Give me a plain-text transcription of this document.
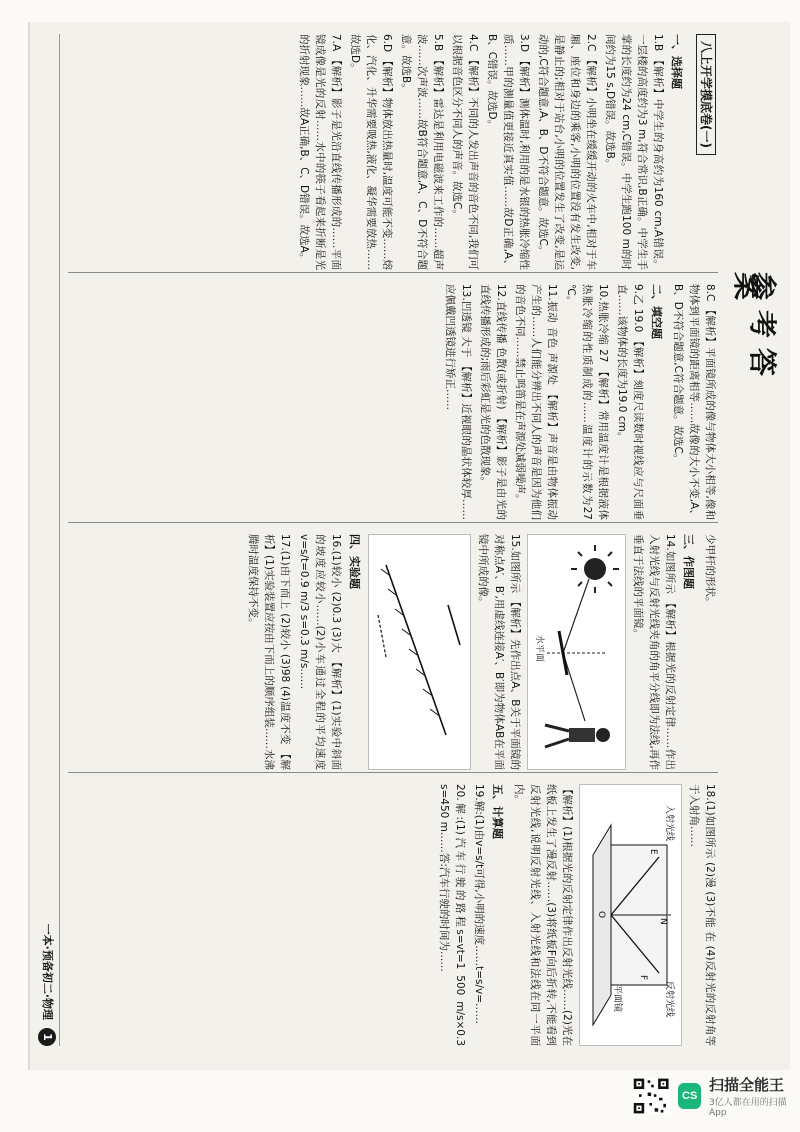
参考答案
八上开学摸底卷(一)
一、选择题

1.B 【解析】中学生的身高约为160 cm,A错误。一层楼的高度约为3 m,符合常识,B正确。中学生手掌的长度约为24 cm,C错误。中学生跑100 m的时间约为15 s,D错误。故选B。

2.C 【解析】小明坐在缓缓开动的火车中,相对于车厢、座位和身边的乘客,小明的位置没有发生改变,是静止的;相对于站台,小明的位置发生了改变,是运动的,C符合题意,A、B、D不符合题意。故选C。

3.D 【解析】测体温时,利用的是水银的热胀冷缩性质……甲的测量值更接近真实值……故D正确,A、B、C错误。故选D。

4.C 【解析】不同的人发出声音的音色不同,我们可以根据音色区分不同人的声音。故选C。

5.B 【解析】雷达是利用电磁波来工作的……超声波……次声波……故B符合题意,A、C、D不符合题意。故选B。

6.D 【解析】物体放出热量时,温度可能不变……熔化、汽化、升华需要吸热,液化、凝华需要放热……故选D。

7.A 【解析】影子是光沿直线传播形成的……平面镜成像是光的反射……水中的筷子看起来折断是光的折射现象……故A正确,B、C、D错误。故选A。

8.C 【解析】平面镜所成的像与物体大小相等,像和物体到平面镜的距离相等……故像的大小不变,A、B、D不符合题意,C符合题意。故选C。

二、填空题

9.乙 19.0 【解析】刻度尺读数时视线应与尺面垂直……该物体的长度为19.0 cm。

10.热胀冷缩 27 【解析】常用温度计是根据液体热胀冷缩的性质制成的……温度计的示数为27 ℃。

11.振动 音色 声源处 【解析】声音是由物体振动产生的……人们能分辨出不同人的声音是因为他们的音色不同……禁止鸣笛是在声源处减弱噪声。

12.直线传播 色散(或折射) 【解析】影子是由光的直线传播形成的;雨后彩虹是光的色散现象。

13.凹透镜 大于 【解析】近视眼的晶状体较厚……应佩戴凹透镜进行矫正……

少甲杆的形状。

三、作图题

14.如图所示 【解析】根据光的反射定律……作出入射光线与反射光线夹角的角平分线即为法线,再作垂直于法线的平面镜。

水平面

15.如图所示 【解析】先作出点A、B关于平面镜的对称点A′、B′,用虚线连接A′、B′即为物体AB在平面镜中所成的像。

四、实验题

16.(1)较小 (2)0.3 (3)大 【解析】(1)实验中斜面的坡度应较小……(2)小车通过全程的平均速度v=s/t=0.9 m/3 s=0.3 m/s……

17.(1)由下而上 (2)较小 (3)98 (4)温度不变 【解析】(1)实验装置应按由下而上的顺序组装……水沸腾时温度保持不变。

18.(1)如图所示 (2)漫 (3)不能 在 (4)反射光的反射角等于入射角……

入射光线
反射光线
平面镜
E
F
N
O

【解析】(1)根据光的反射定律作出反射光线……(2)光在纸板上发生了漫反射……(3)将纸板F向后折转,不能看到反射光线,说明反射光线、入射光线和法线在同一平面内。

五、计算题

19.解:(1)由v=s/t可得,小明的速度……t=s/v=……

20.解:(1)汽车行驶的路程s=vt=1 500 m/s×0.3 s=450 m……答:汽车行驶的时间为……

一本·预备初二·物理
1
CS
扫描全能王
3亿人都在用的扫描App
